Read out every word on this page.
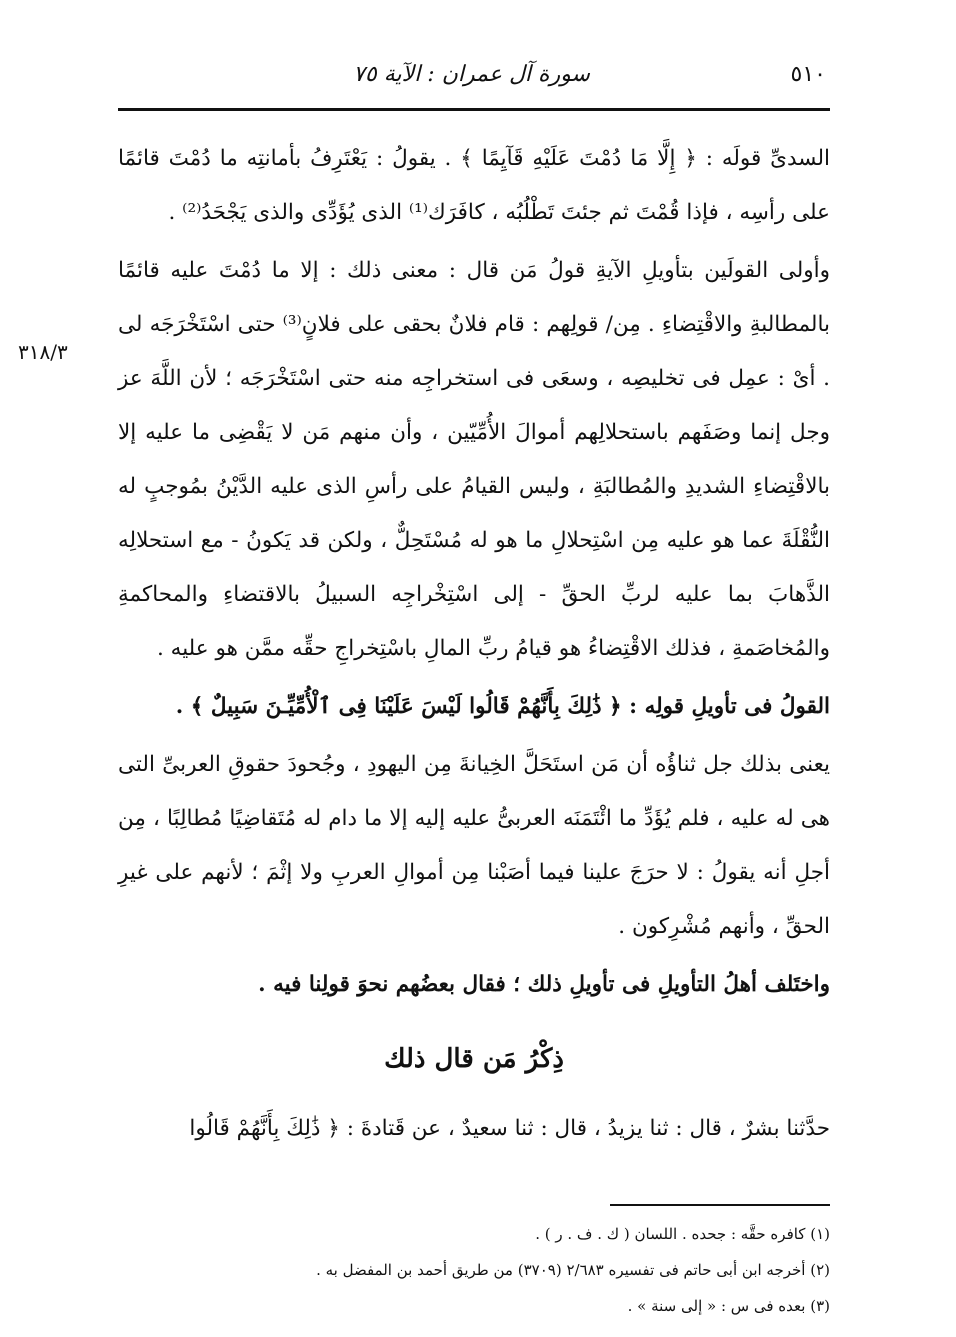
٥١٠
سورة آل عمران : الآية ٧٥

السدىِّ قولَه : ﴿ إِلَّا مَا دُمْتَ عَلَيْهِ قَآيِمًا ﴾ . يقولُ : يَعْتَرِفُ بأمانتِه ما دُمْتَ قائمًا على رأسِه ، فإذا قُمْتَ ثم جئتَ تَطْلُبُه ، كافَرَك⁽¹⁾ الذى يُؤَدِّى والذى يَجْحَدُ⁽²⁾ .

وأولى القولَين بتأويلِ الآيةِ قولُ مَن قال : معنى ذلك : إلا ما دُمْتَ عليه قائمًا بالمطالبةِ والاقْتِضاءِ . مِن/ قولِهم : قام فلانٌ بحقى على فلانٍ⁽³⁾ حتى اسْتَخْرَجَه لى . أىْ : عمِل فى تخليصِه ، وسعَى فى استخراجِه منه حتى اسْتَخْرَجَه ؛ لأن اللَّهَ عز وجل إنما وصَفَهم باستحلالِهم أموالَ الأُمِّيّين ، وأن منهم مَن لا يَقْضِى ما عليه إلا بالاقْتِضاءِ الشديدِ والمُطالبَةِ ، وليس القيامُ على رأسِ الذى عليه الدَّيْنُ بمُوجبٍ له النُّقْلَةَ عما هو عليه مِن اسْتِحلالِ ما هو له مُسْتَحِلٌّ ، ولكن قد يَكونُ - مع استحلالِه الذَّهابَ بما عليه لربِّ الحقِّ - إلى اسْتِخْراجِه السبيلُ بالاقتضاءِ والمحاكمةِ والمُخاصَمةِ ، فذلك الاقْتِضاءُ هو قيامُ ربِّ المالِ باسْتِخراجِ حقِّه ممَّن هو عليه .

القولُ فى تأويلِ قولِه : ﴿ ذَٰلِكَ بِأَنَّهُمْ قَالُوا لَيْسَ عَلَيْنَا فِى ٱلْأُمِّيِّـنَ سَبِيلٌ ﴾ .

يعنى بذلك جل ثناؤُه أن مَن استَحَلَّ الخِيانةَ مِن اليهودِ ، وجُحودَ حقوقِ العربىِّ التى هى له عليه ، فلم يُؤَدِّ ما ائْتَمَنَه العربىُّ عليه إليه إلا ما دام له مُتَقاضِيًا مُطالِبًا ، مِن أجلِ أنه يقولُ : لا حرَجَ علينا فيما أصَبْنا مِن أموالِ العربِ ولا إثْمَ ؛ لأنهم على غيرِ الحقِّ ، وأنهم مُشْرِكون .

واختَلف أهلُ التأويلِ فى تأويلِ ذلك ؛ فقال بعضُهم نحوَ قولِنا فيه .

ذِكْرُ مَن قال ذلك

حدَّثنا بشرٌ ، قال : ثنا يزيدُ ، قال : ثنا سعيدٌ ، عن قَتادةَ : ﴿ ذَٰلِكَ بِأَنَّهُمْ قَالُوا

(١) كافره حقَّه : جحده . اللسان ( ك . ف . ر ) .
(٢) أخرجه ابن أبى حاتم فى تفسيره ٢/٦٨٣ (٣٧٠٩) من طريق أحمد بن المفضل به .
(٣) بعده فى س : « إلى سنة » .
٣١٨/٣
